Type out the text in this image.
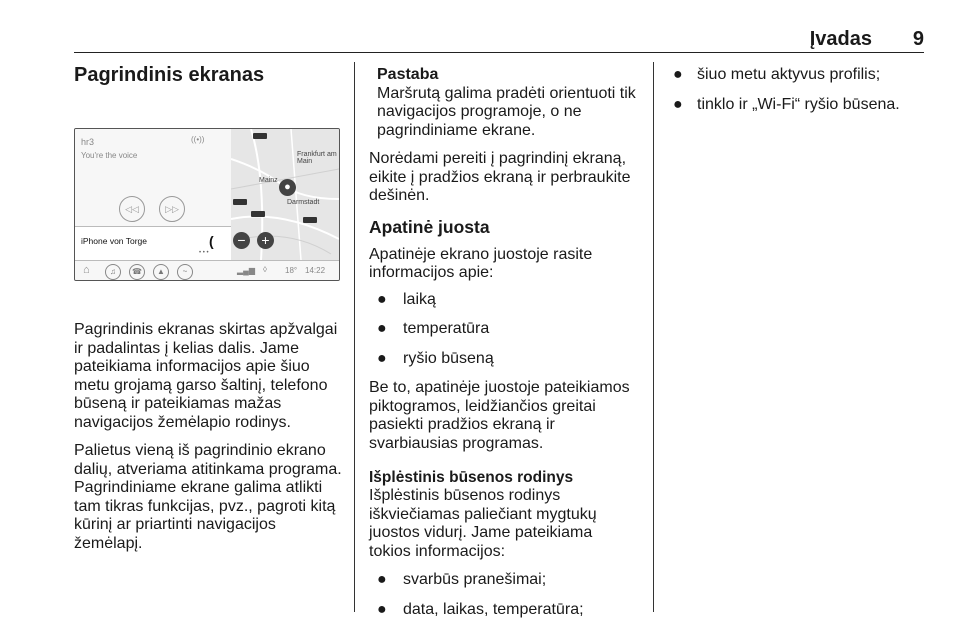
Įvadas 9
Pagrindinis ekranas
hr3
You're the voice
((•))
◁◁	▷▷
iPhone von Torge	(
• • •
Frankfurt am Main
Mainz
Darmstadt
●
−	+
⌂	♫	☎	▲	~	▂▄▆ ◊ 18° 14:22

Pagrindinis ekranas skirtas apžvalgai ir padalintas į kelias dalis. Jame pateikiama informacijos apie šiuo metu grojamą garso šaltinį, telefono būseną ir pateikiamas mažas navigacijos žemėlapio rodinys.

Palietus vieną iš pagrindinio ekrano dalių, atveriama atitinkama programa. Pagrindiniame ekrane galima atlikti tam tikras funkcijas, pvz., pagroti kitą kūrinį ar priartinti navigacijos žemėlapį.

Pastaba
Maršrutą galima pradėti orientuoti tik navigacijos programoje, o ne pagrindiniame ekrane.

Norėdami pereiti į pagrindinį ekraną, eikite į pradžios ekraną ir perbraukite dešinėn.

Apatinė juosta

Apatinėje ekrano juostoje rasite informacijos apie:

● laiką
● temperatūra
● ryšio būseną

Be to, apatinėje juostoje pateikiamos piktogramos, leidžiančios greitai pasiekti pradžios ekraną ir svarbiausias programas.

Išplėstinis būsenos rodinys

Išplėstinis būsenos rodinys iškviečiamas paliečiant mygtukų juostos vidurį. Jame pateikiama tokios informacijos:

● svarbūs pranešimai;
● data, laikas, temperatūra;
● šiuo metu aktyvus profilis;
● tinklo ir „Wi-Fi“ ryšio būsena.
